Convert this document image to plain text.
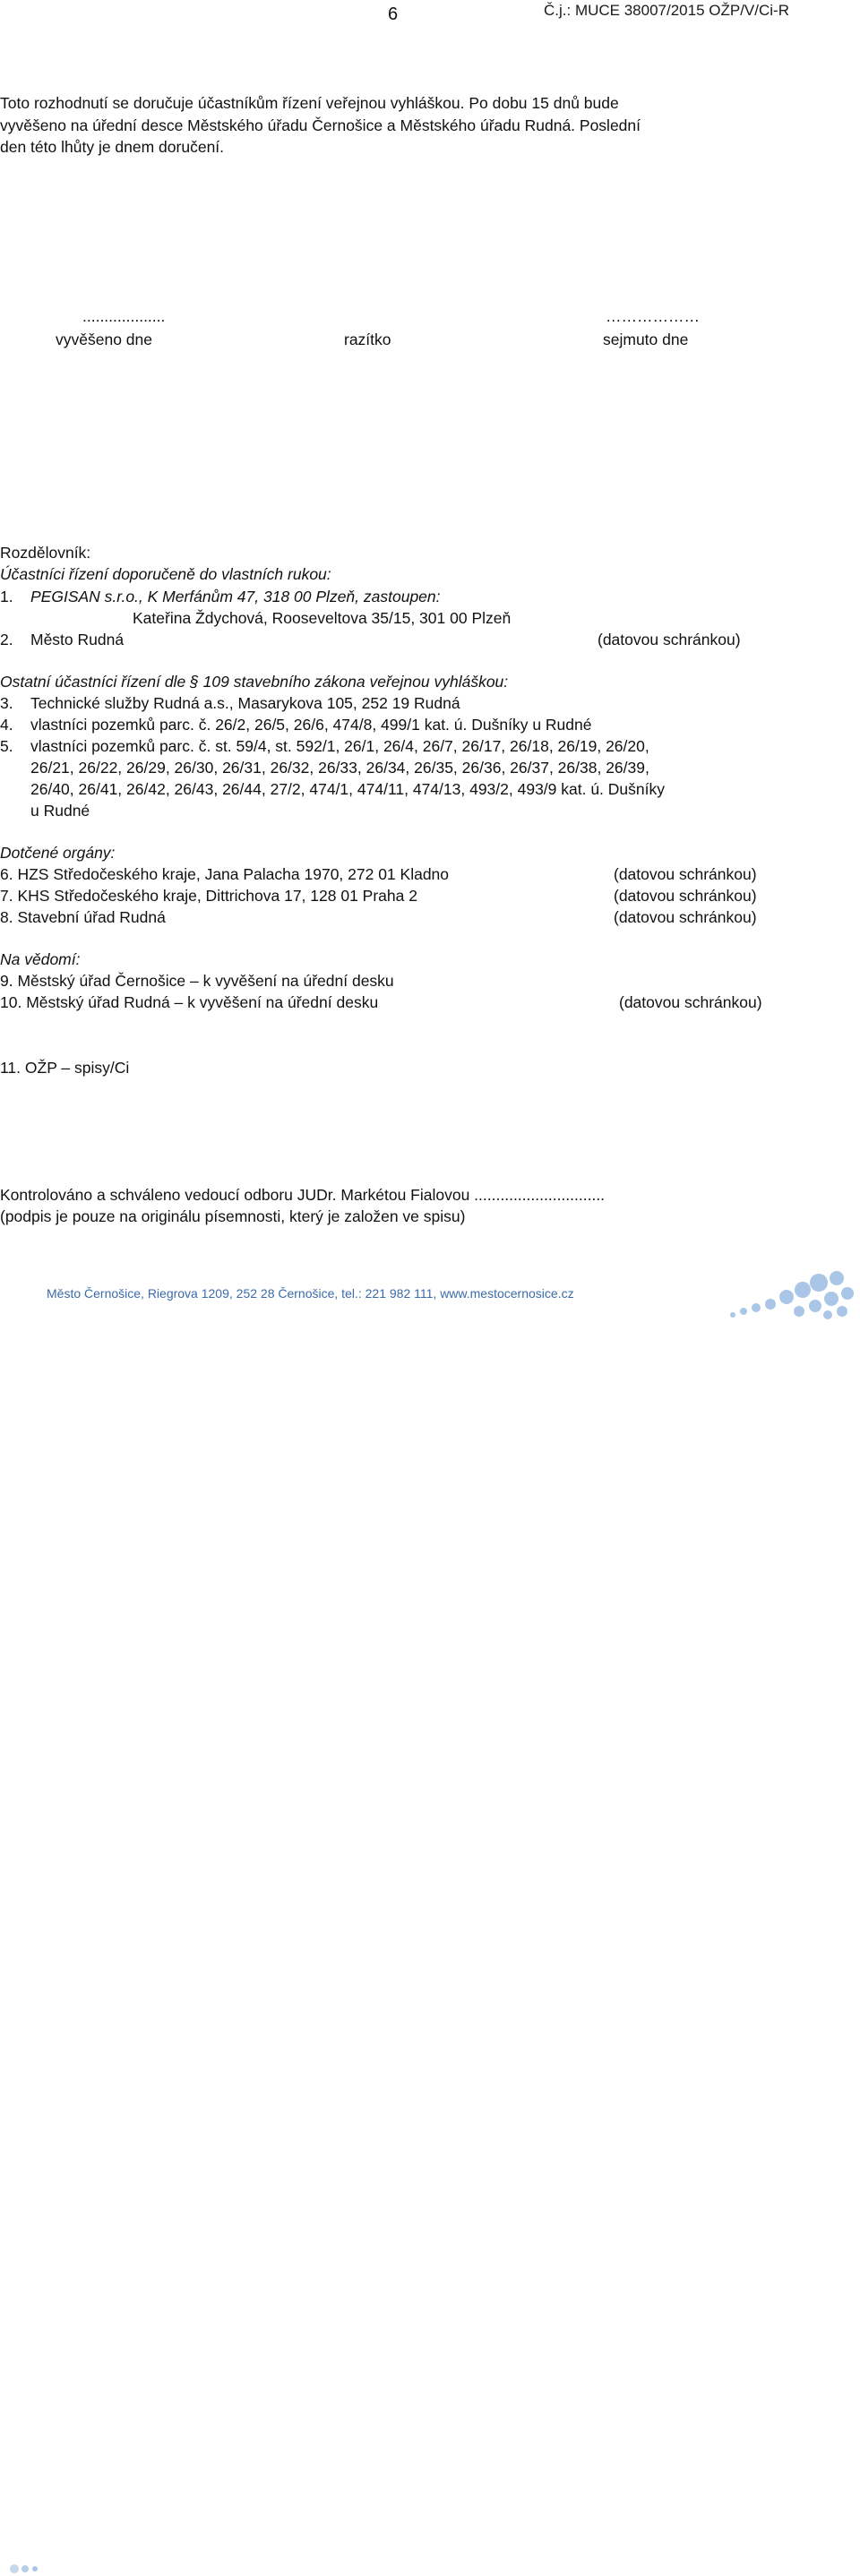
6	Č.j.: MUCE 38007/2015 OŽP/V/Ci-R
Toto rozhodnutí se doručuje účastníkům řízení veřejnou vyhláškou. Po dobu 15 dnů bude
vyvěšeno na úřední desce Městského úřadu Černošice a Městského úřadu Rudná. Poslední
den této lhůty je dnem doručení.
...................	………………
vyvěšeno dne	razítko	sejmuto dne
Rozdělovník:
Účastníci řízení doporučeně do vlastních rukou:
1. PEGISAN s.r.o., K Merfánům 47, 318 00 Plzeň, zastoupen:
Kateřina Ždychová, Rooseveltova 35/15, 301 00 Plzeň
2. Město Rudná	(datovou schránkou)
Ostatní účastníci řízení dle § 109 stavebního zákona veřejnou vyhláškou:
3. Technické služby Rudná a.s., Masarykova 105, 252 19 Rudná
4. vlastníci pozemků parc. č. 26/2, 26/5, 26/6, 474/8, 499/1 kat. ú. Dušníky u Rudné
5. vlastníci pozemků parc. č. st. 59/4, st. 592/1, 26/1, 26/4, 26/7, 26/17, 26/18, 26/19, 26/20,
26/21, 26/22, 26/29, 26/30, 26/31, 26/32, 26/33, 26/34, 26/35, 26/36, 26/37, 26/38, 26/39,
26/40, 26/41, 26/42, 26/43, 26/44, 27/2, 474/1, 474/11, 474/13, 493/2, 493/9 kat. ú. Dušníky
u Rudné
Dotčené orgány:
6. HZS Středočeského kraje, Jana Palacha 1970, 272 01 Kladno	(datovou schránkou)
7. KHS Středočeského kraje, Dittrichova 17, 128 01 Praha 2	(datovou schránkou)
8. Stavební úřad Rudná	(datovou schránkou)
Na vědomí:
9. Městský úřad Černošice – k vyvěšení na úřední desku
10. Městský úřad Rudná – k vyvěšení na úřední desku	(datovou schránkou)
11. OŽP – spisy/Ci
Kontrolováno a schváleno vedoucí odboru JUDr. Markétou Fialovou ..............................
(podpis je pouze na originálu písemnosti, který je založen ve spisu)
Město Černošice, Riegrova 1209, 252 28 Černošice, tel.: 221 982 111, www.mestocernosice.cz
